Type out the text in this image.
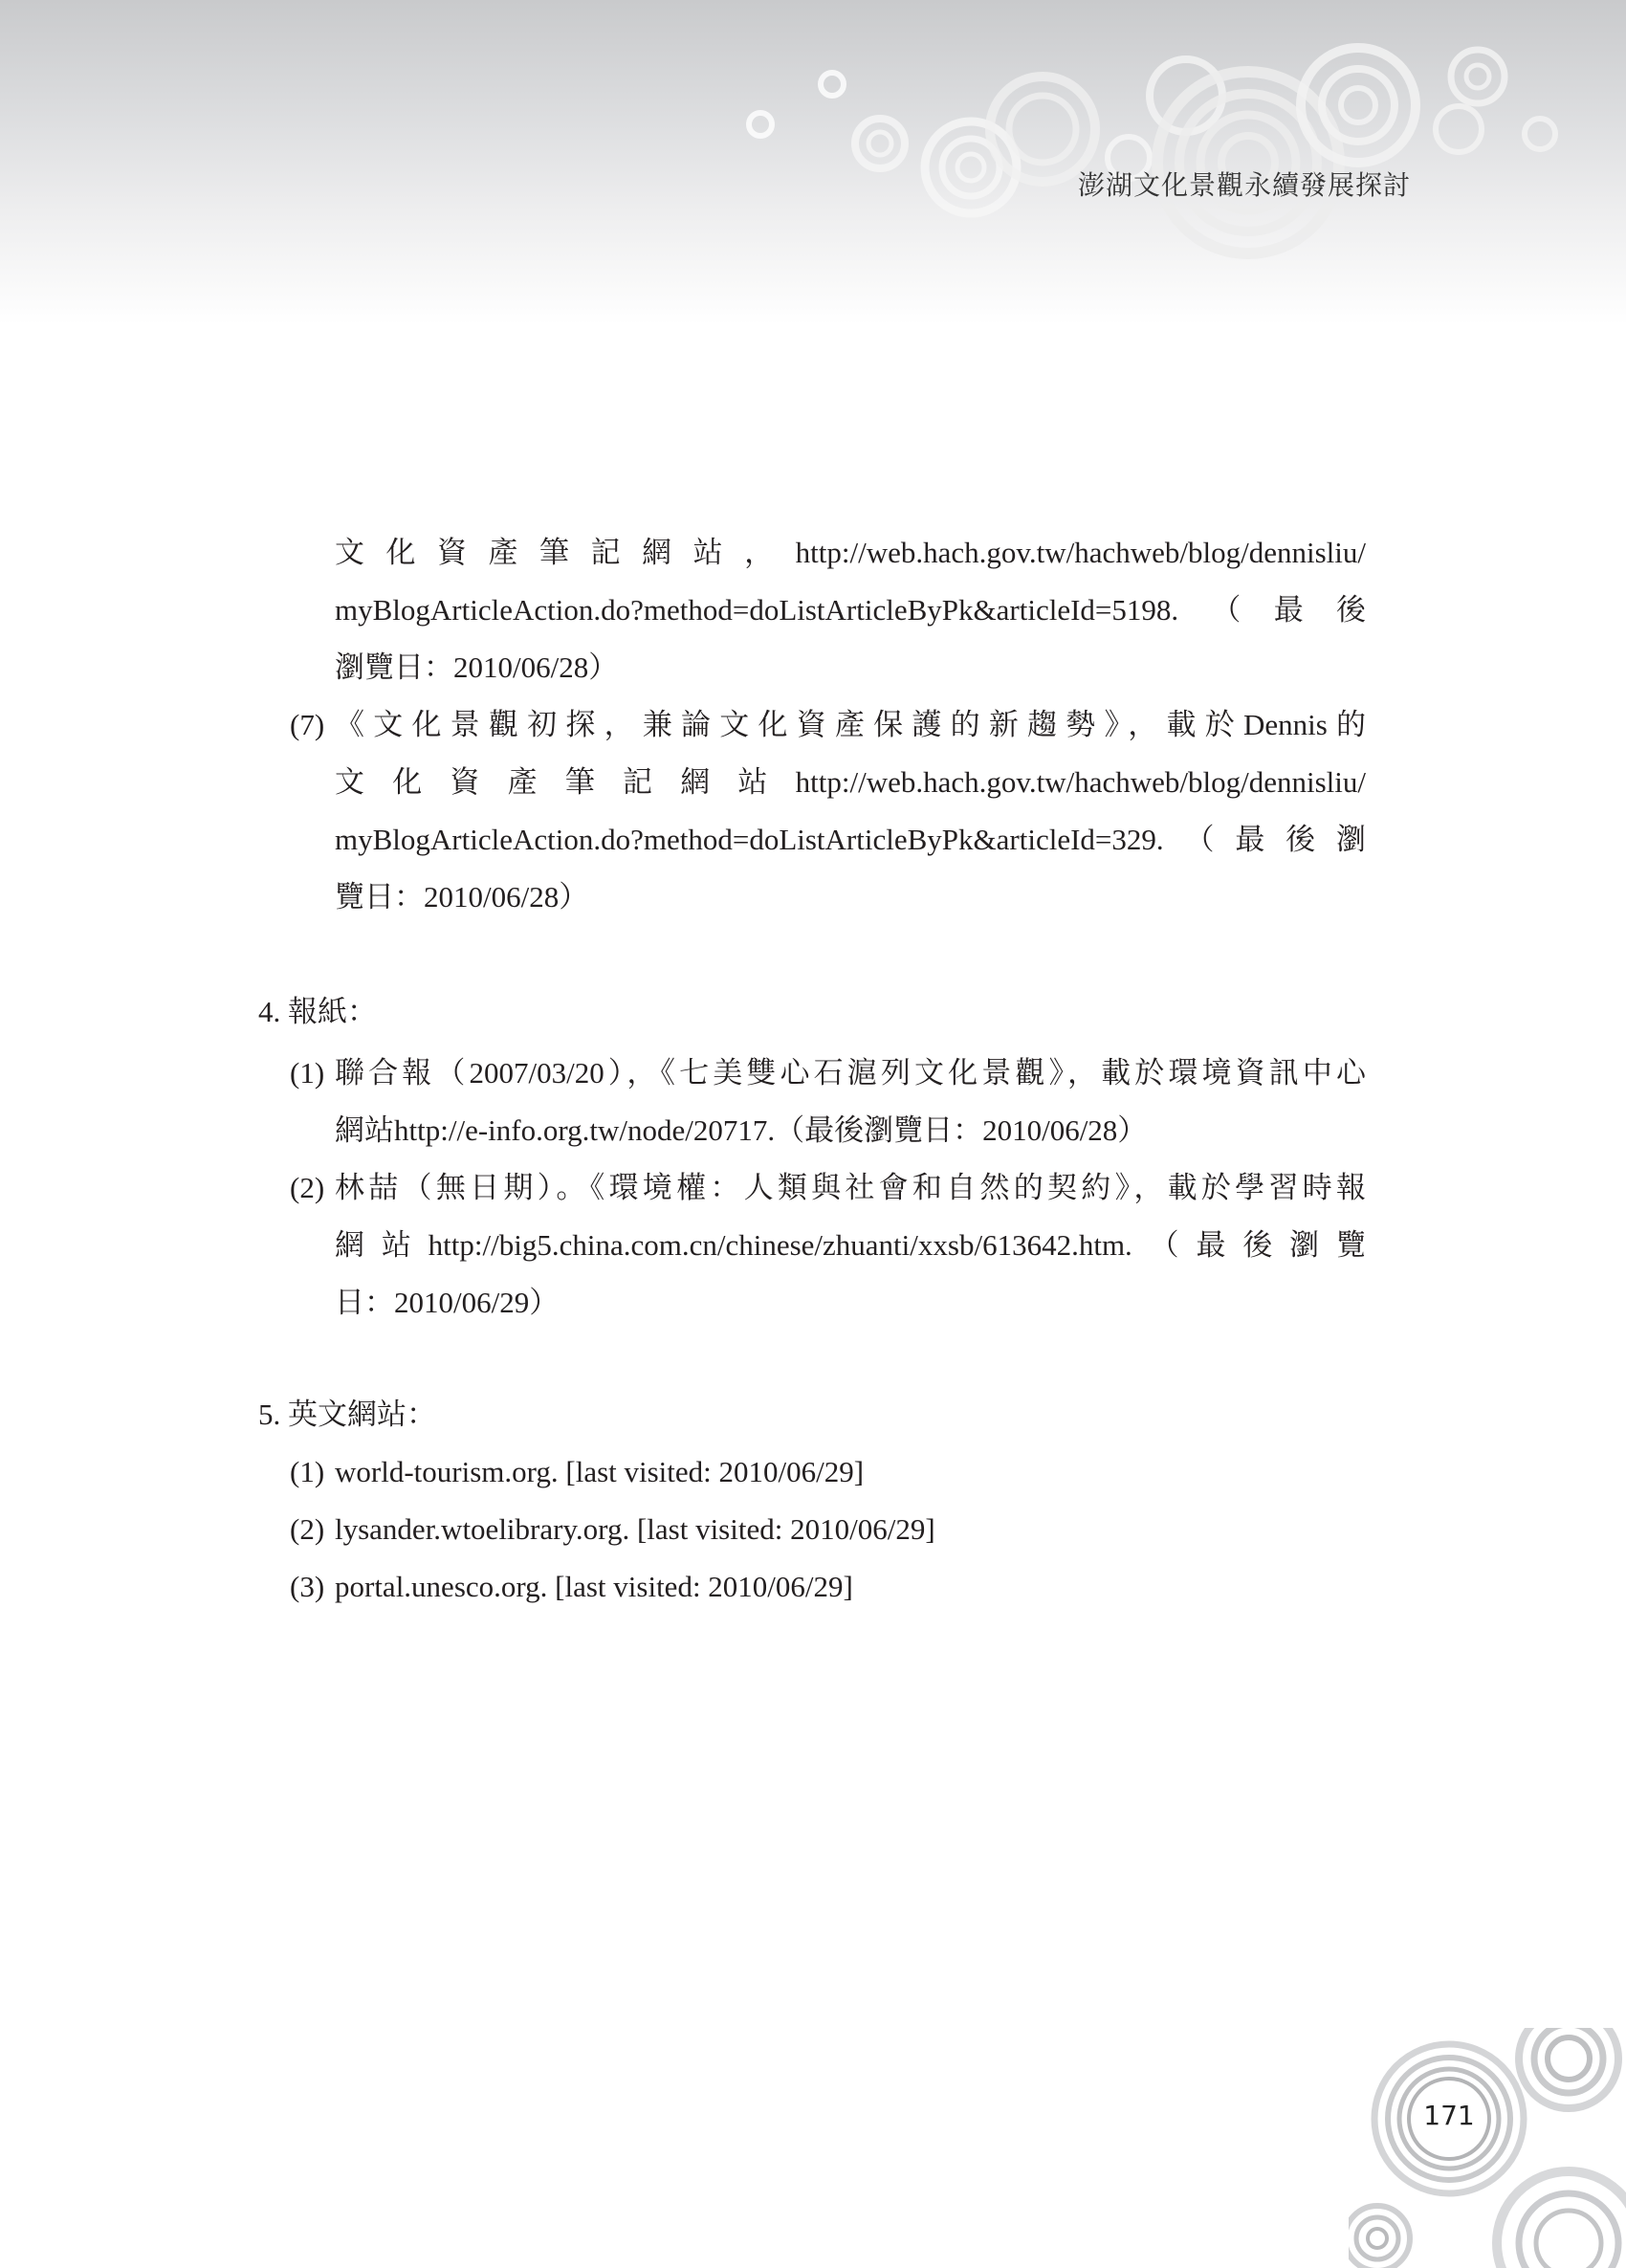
澎湖文化景觀永續發展探討
文化資產筆記網站，http://web.hach.gov.tw/hachweb/blog/dennisliu/
myBlogArticleAction.do?method=doListArticleByPk&articleId=5198.（最後
瀏覽日：2010/06/28）
(7) 《文化景觀初探，兼論文化資產保護的新趨勢》，載於Dennis的
文化資產筆記網站http://web.hach.gov.tw/hachweb/blog/dennisliu/
myBlogArticleAction.do?method=doListArticleByPk&articleId=329.（最後瀏
覽日：2010/06/28）
4. 報紙：
(1) 聯合報（2007/03/20），《七美雙心石滬列文化景觀》，載於環境資訊中心
網站http://e-info.org.tw/node/20717.（最後瀏覽日：2010/06/28）
(2) 林喆（無日期）。《環境權：人類與社會和自然的契約》，載於學習時報
網站http://big5.china.com.cn/chinese/zhuanti/xxsb/613642.htm.（最後瀏覽
日：2010/06/29）
5. 英文網站：
(1) world-tourism.org. [last visited: 2010/06/29]
(2) lysander.wtoelibrary.org. [last visited: 2010/06/29]
(3) portal.unesco.org. [last visited: 2010/06/29]
171
